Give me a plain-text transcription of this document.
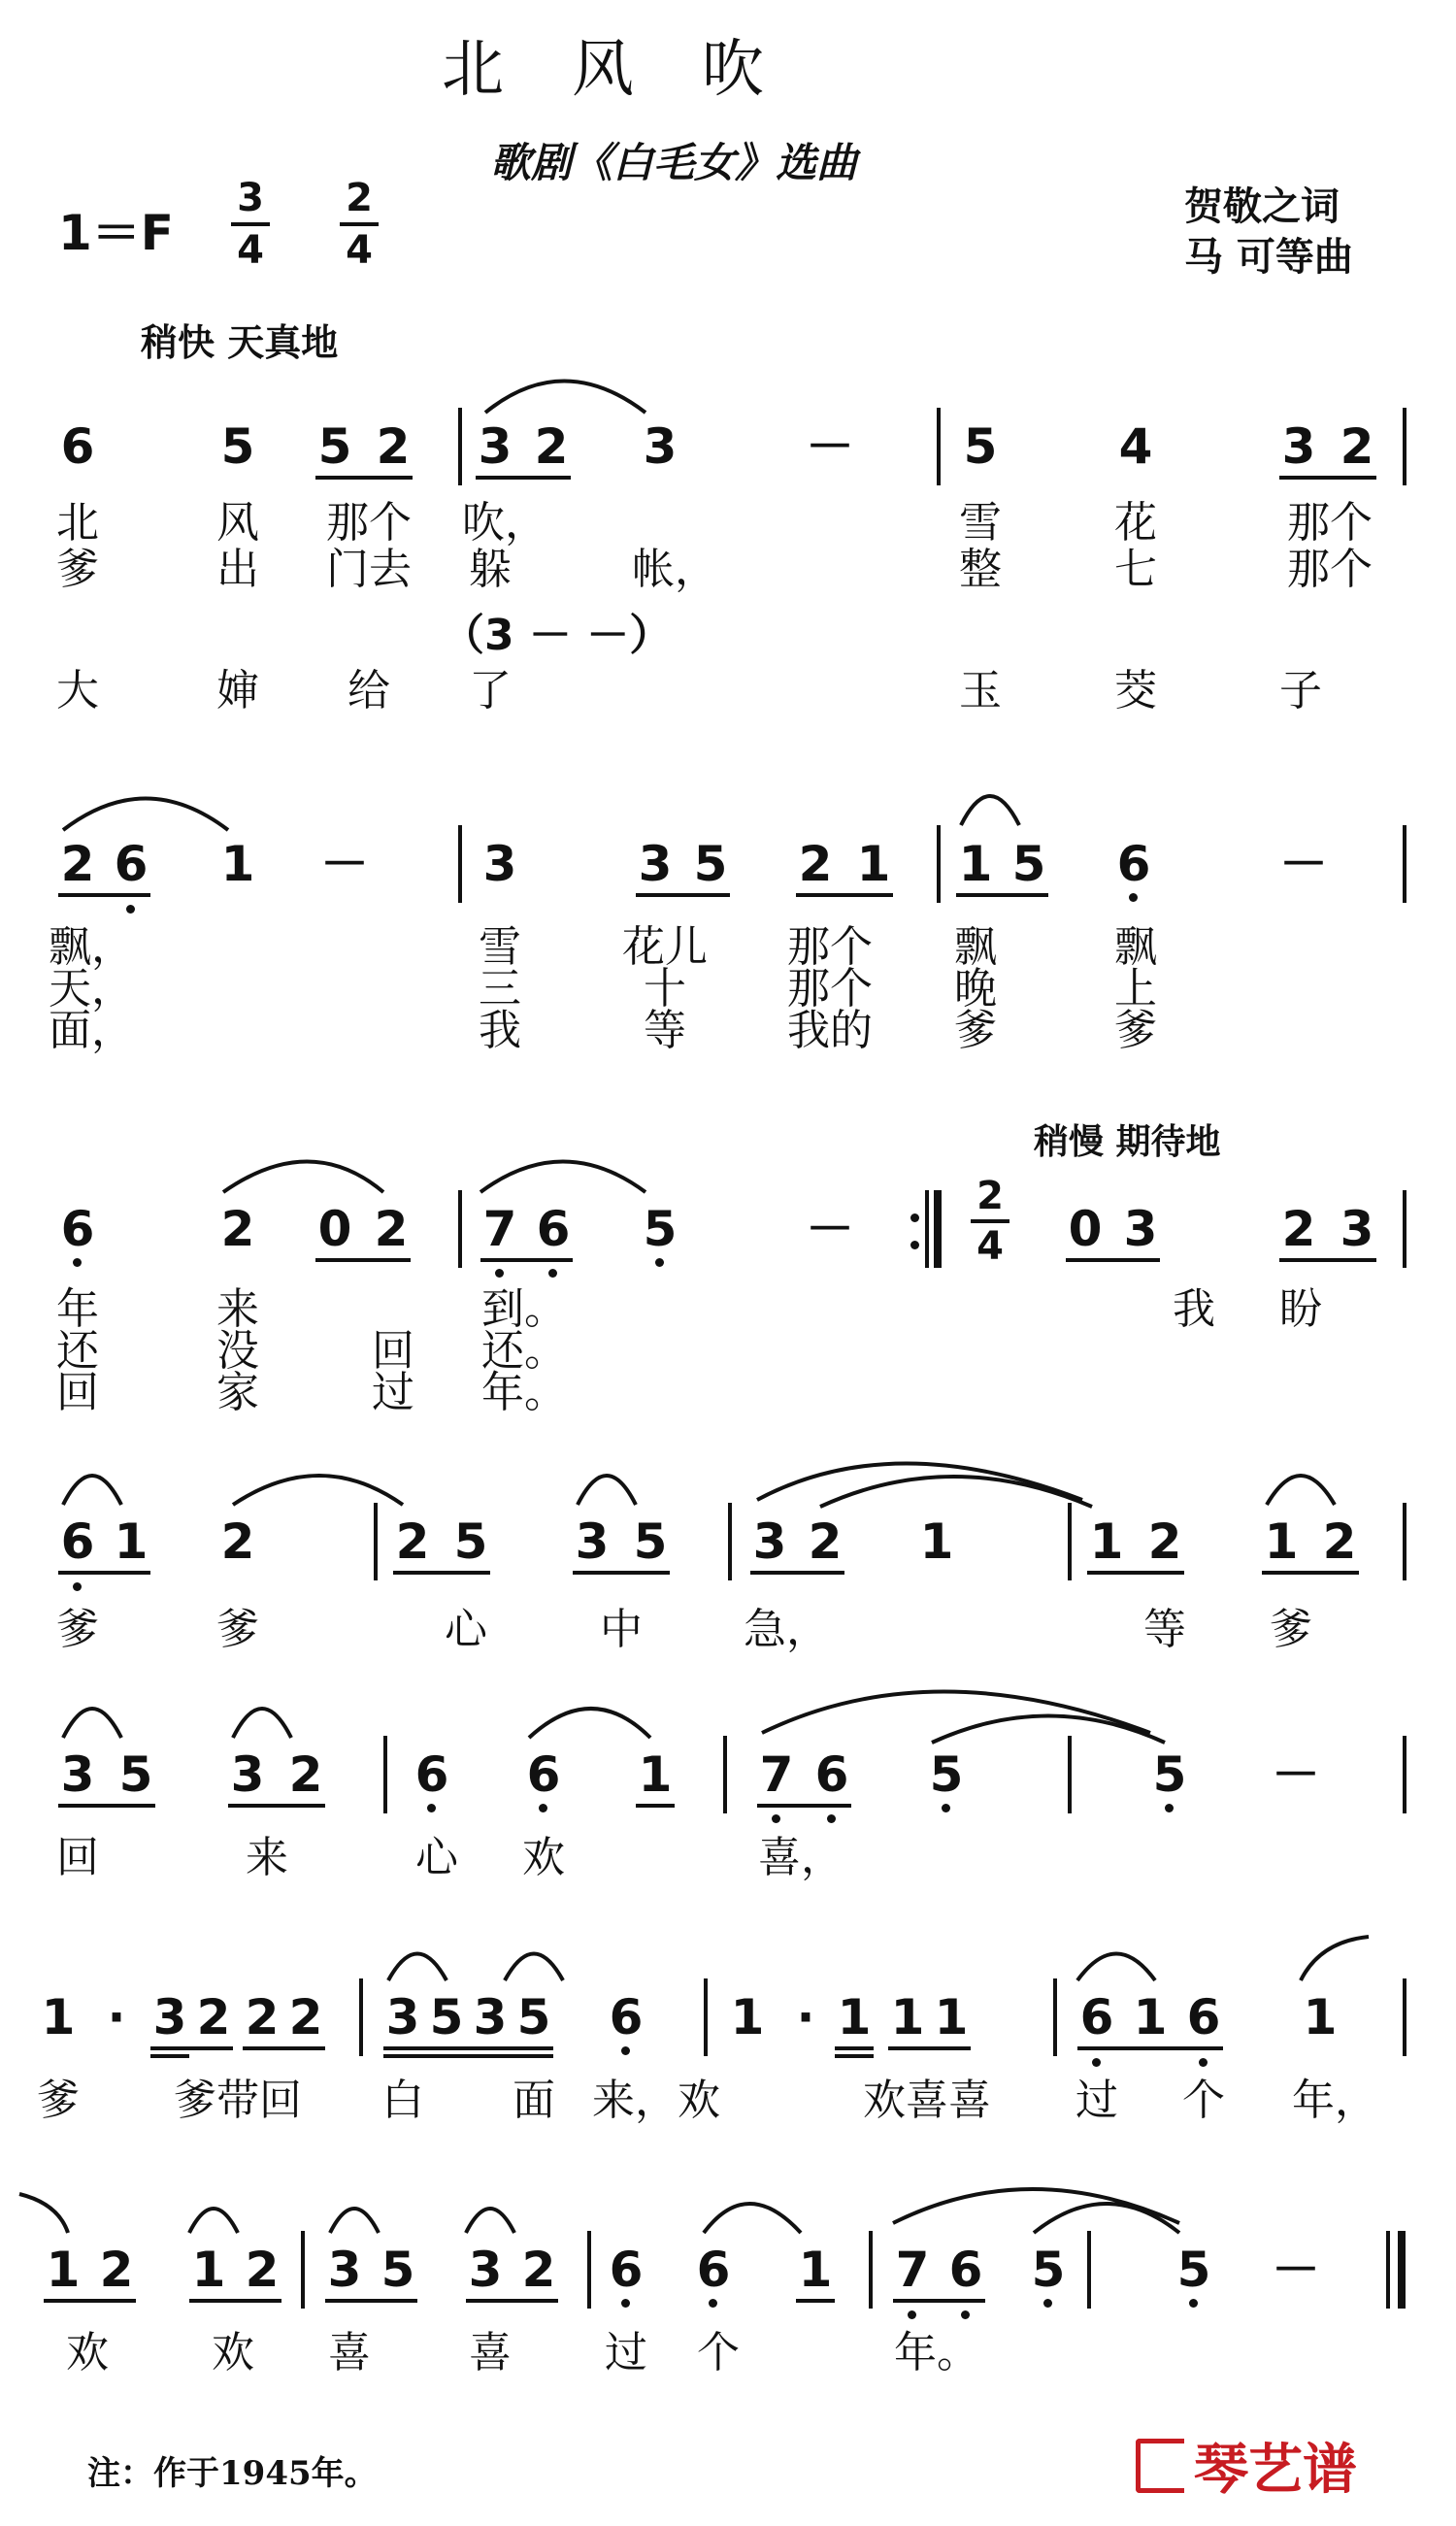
北风吹
歌剧《白毛女》选曲
1＝F
3
4
2
4
贺敬之词
马 可等曲
稍快 天真地
6	5 5 2 3 2 3	－ 5	4	3 2
北	风 那个 吹，	雪	花	那个
爹	出 门去 躲	帐，	整	七	那个
（3 － －）
大	婶 给 了	玉	茭	子
2 6 1 － 3	3 5 2 1 1 5 6	－
飘，	雪 花儿 那个 飘	飘
天，	三	十 那个 晚	上
面，	我	等 我的 爹	爹
稍慢 期待地
6	2 0 2 7 6 5	－
2
4 0 3	2 3
年	来	到。	我 盼
还	没	回 还。
回	家	过 年。
6 1 2	2 5 3 5 3 2 1	1 2 1 2
爹	爹	心	中 急，	等 爹
3 5 3 2 6 6 1 7 6 5	5 －
回	来	心 欢	喜，
1 · 3 2 2 2 3 5 3 5 6 1 · 1 1 1 6 1 6 1
爹	爹带回	白 面 来，欢	欢喜喜	过 个 年，
1 2 1 2 3 5 3 2 6 6 1 7 6 5 5 －
欢 欢 喜 喜 过 个	年。
注：作于1945年。	琴艺谱
